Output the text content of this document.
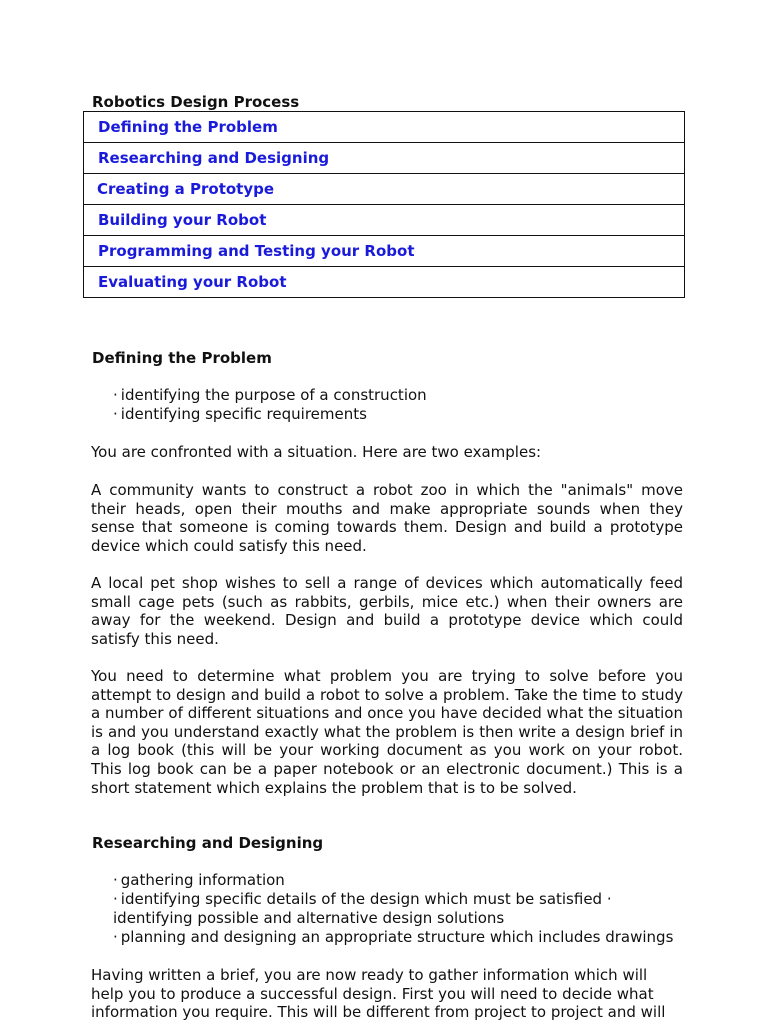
Robotics Design Process

Defining the Problem
Researching and Designing
Creating a Prototype
Building your Robot
Programming and Testing your Robot
Evaluating your Robot

Defining the Problem

· identifying the purpose of a construction
· identifying specific requirements

You are confronted with a situation. Here are two examples:

A community wants to construct a robot zoo in which the "animals" move their heads, open their mouths and make appropriate sounds when they sense that someone is coming towards them. Design and build a prototype device which could satisfy this need.

A local pet shop wishes to sell a range of devices which automatically feed small cage pets (such as rabbits, gerbils, mice etc.) when their owners are away for the weekend. Design and build a prototype device which could satisfy this need.

You need to determine what problem you are trying to solve before you attempt to design and build a robot to solve a problem. Take the time to study a number of different situations and once you have decided what the situation is and you understand exactly what the problem is then write a design brief in a log book (this will be your working document as you work on your robot. This log book can be a paper notebook or an electronic document.) This is a short statement which explains the problem that is to be solved.

Researching and Designing

· gathering information
· identifying specific details of the design which must be satisfied ·
identifying possible and alternative design solutions
· planning and designing an appropriate structure which includes drawings

Having written a brief, you are now ready to gather information which will help you to produce a successful design. First you will need to decide what information you require. This will be different from project to project and will
